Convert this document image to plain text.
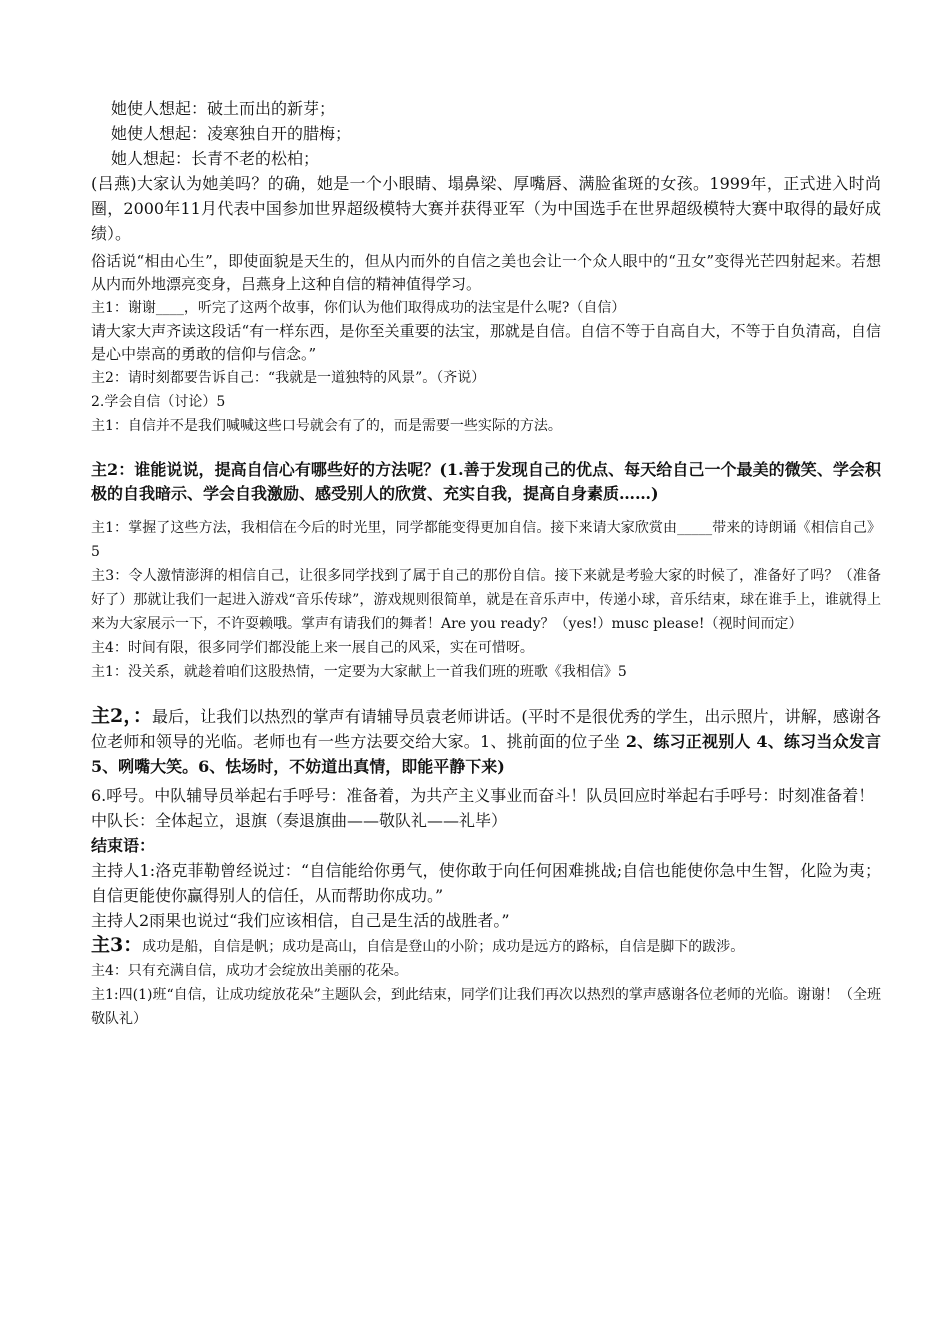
她使人想起：破土而出的新芽；

她使人想起：凌寒独自开的腊梅；

她人想起：长青不老的松柏；

(吕燕)大家认为她美吗？的确，她是一个小眼睛、塌鼻梁、厚嘴唇、满脸雀斑的女孩。1999年，正式进入时尚圈，2000年11月代表中国参加世界超级模特大赛并获得亚军（为中国选手在世界超级模特大赛中取得的最好成绩）。

俗话说“相由心生”，即使面貌是天生的，但从内而外的自信之美也会让一个众人眼中的“丑女”变得光芒四射起来。若想从内而外地漂亮变身，吕燕身上这种自信的精神值得学习。

主1：谢谢____，听完了这两个故事，你们认为他们取得成功的法宝是什么呢?（自信）

请大家大声齐读这段话“有一样东西，是你至关重要的法宝，那就是自信。自信不等于自高自大，不等于自负清高，自信是心中崇高的勇敢的信仰与信念。”

主2：请时刻都要告诉自己：“我就是一道独特的风景”。（齐说）

2.学会自信（讨论）5

主1：自信并不是我们喊喊这些口号就会有了的，而是需要一些实际的方法。

主2：谁能说说，提高自信心有哪些好的方法呢？(1.善于发现自己的优点、每天给自己一个最美的微笑、学会积极的自我暗示、学会自我激励、感受别人的欣赏、充实自我，提高自身素质……)

主1：掌握了这些方法，我相信在今后的时光里，同学都能变得更加自信。接下来请大家欣赏由_____带来的诗朗诵《相信自己》5

主3：令人激情澎湃的相信自己，让很多同学找到了属于自己的那份自信。接下来就是考验大家的时候了，准备好了吗？（准备好了）那就让我们一起进入游戏“音乐传球”，游戏规则很简单，就是在音乐声中，传递小球，音乐结束，球在谁手上，谁就得上来为大家展示一下，不许耍赖哦。掌声有请我们的舞者！Are you ready？（yes!）musc please!（视时间而定）

主4：时间有限，很多同学们都没能上来一展自己的风采，实在可惜呀。

主1：没关系，就趁着咱们这股热情，一定要为大家献上一首我们班的班歌《我相信》5

主2，：最后，让我们以热烈的掌声有请辅导员袁老师讲话。(平时不是很优秀的学生，出示照片，讲解，感谢各位老师和领导的光临。老师也有一些方法要交给大家。1、挑前面的位子坐 2、练习正视别人 4、练习当众发言 5、咧嘴大笑。6、怯场时，不妨道出真情，即能平静下来)

6.呼号。中队辅导员举起右手呼号：准备着，为共产主义事业而奋斗！队员回应时举起右手呼号：时刻准备着！

中队长：全体起立，退旗（奏退旗曲——敬队礼——礼毕）

结束语：

主持人1:洛克菲勒曾经说过：“自信能给你勇气，使你敢于向任何困难挑战;自信也能使你急中生智，化险为夷；自信更能使你赢得别人的信任，从而帮助你成功。”

主持人2雨果也说过“我们应该相信，自己是生活的战胜者。”

主3：成功是船，自信是帆；成功是高山，自信是登山的小阶；成功是远方的路标，自信是脚下的跋涉。

主4：只有充满自信，成功才会绽放出美丽的花朵。

主1:四(1)班“自信，让成功绽放花朵”主题队会，到此结束，同学们让我们再次以热烈的掌声感谢各位老师的光临。谢谢！（全班敬队礼）
